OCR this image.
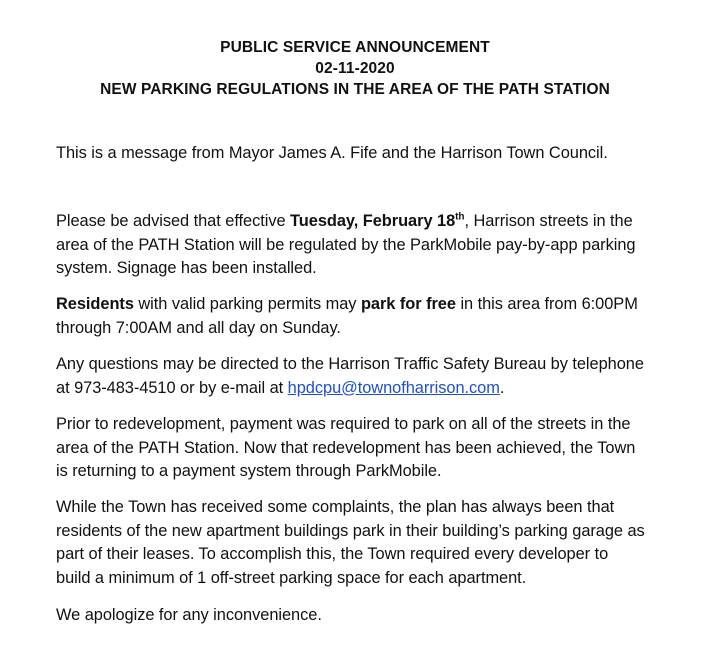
PUBLIC SERVICE ANNOUNCEMENT
02-11-2020
NEW PARKING REGULATIONS IN THE AREA OF THE PATH STATION

This is a message from Mayor James A. Fife and the Harrison Town Council.

Please be advised that effective Tuesday, February 18th, Harrison streets in the
area of the PATH Station will be regulated by the ParkMobile pay-by-app parking
system. Signage has been installed.

Residents with valid parking permits may park for free in this area from 6:00PM
through 7:00AM and all day on Sunday.

Any questions may be directed to the Harrison Traffic Safety Bureau by telephone
at 973-483-4510 or by e-mail at hpdcpu@townofharrison.com.

Prior to redevelopment, payment was required to park on all of the streets in the
area of the PATH Station. Now that redevelopment has been achieved, the Town
is returning to a payment system through ParkMobile.

While the Town has received some complaints, the plan has always been that
residents of the new apartment buildings park in their building’s parking garage as
part of their leases. To accomplish this, the Town required every developer to
build a minimum of 1 off-street parking space for each apartment.

We apologize for any inconvenience.
